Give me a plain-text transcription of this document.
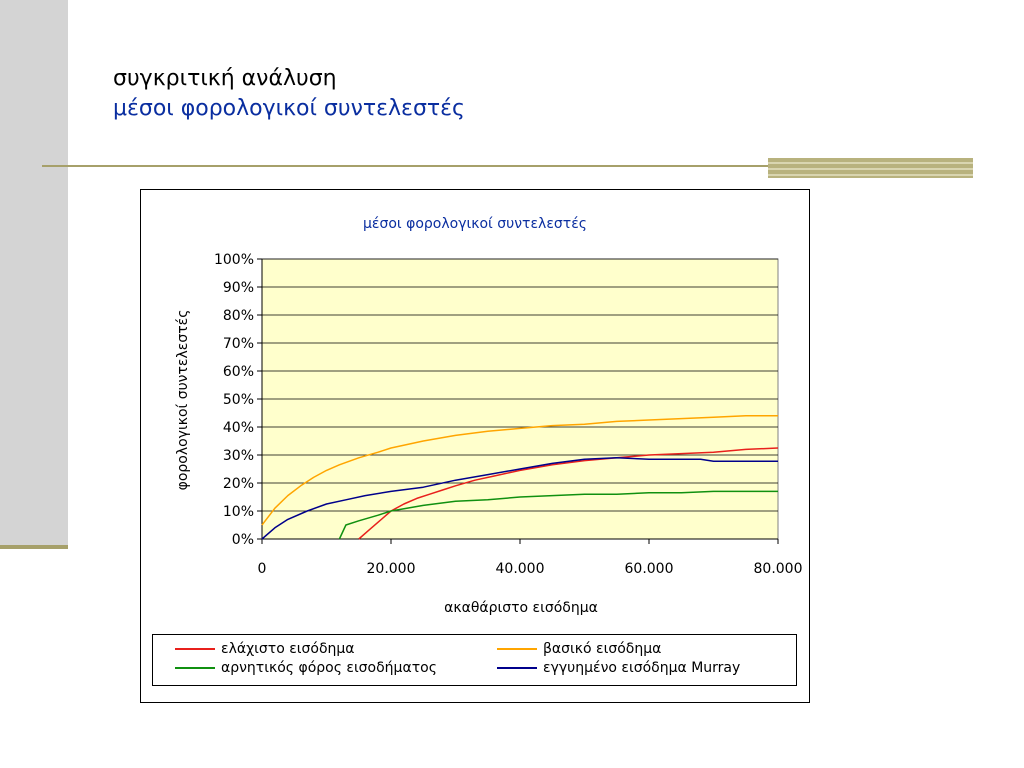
συγκριτική ανάλυση
μέσοι φορολογικοί συντελεστές
μέσοι φορολογικοί συντελεστές
0%
10%
20%
30%
40%
50%
60%
70%
80%
90%
100%
0	20.000	40.000	60.000	80.000
ακαθάριστο εισόδημα
φορολογικοί συντελεστές
ελάχιστο εισόδημα	βασικό εισόδημα
αρνητικός φόρος εισοδήματος	εγγυημένο εισόδημα Murray
